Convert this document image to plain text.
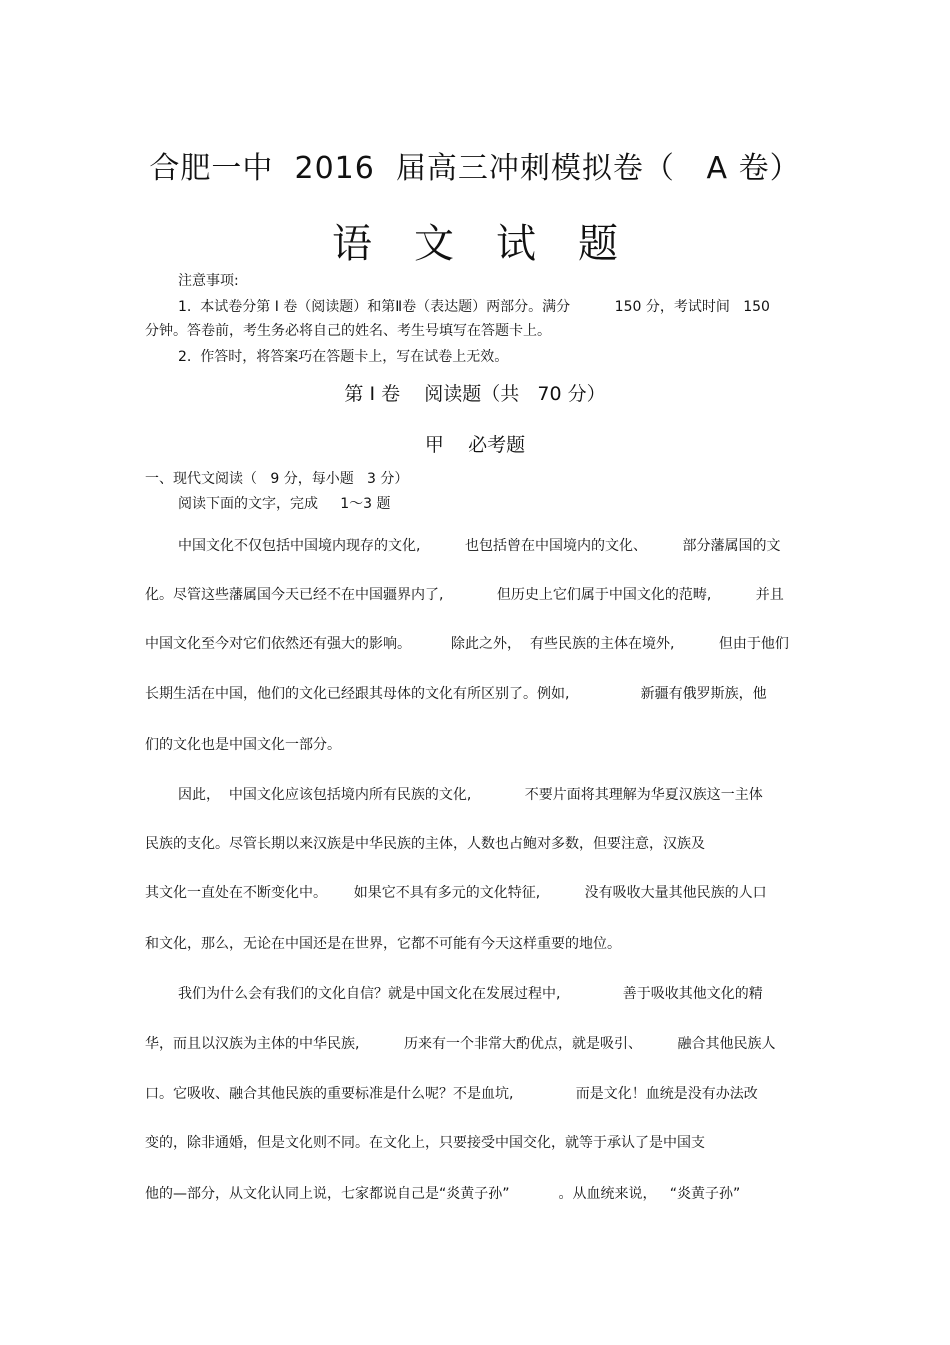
合肥一中  2016  届高三冲刺模拟卷（   A 卷）
语文试题
注意事项:
1.  本试卷分第 I 卷（阅读题）和第Ⅱ卷（表达题）两部分。满分          150 分，考试时间   150
分钟。答卷前，考生务必将自己的姓名、考生号填写在答题卡上。
2.  作答时，将答案巧在答题卡上，写在试卷上无效。
第 I 卷    阅读题（共   70 分）
甲    必考题
一、现代文阅读（   9 分，每小题   3 分）
阅读下面的文字，完成     1～3 题
中国文化不仅包括中国境内现存的文化,          也包括曾在中国境内的文化、        部分藩属国的文
化。尽管这些藩属国今天已经不在中国疆界内了,            但历史上它们属于中国文化的范畴,          并且
中国文化至今对它们依然还有强大的影响。         除此之外，  有些民族的主体在境外,          但由于他们
长期生活在中国，他们的文化已经跟其母体的文化有所区别了。例如,                新疆有俄罗斯族，他
们的文化也是中国文化一部分。
因此，  中国文化应该包括境内所有民族的文化,            不要片面将其理解为华夏汉族这一主体
民族的支化。尽管长期以来汉族是中华民族的主体，人数也占鲍对多数，但要注意，汉族及
其文化一直处在不断变化中。      如果它不具有多元的文化特征,          没有吸收大量其他民族的人口
和文化，那么，无论在中国还是在世界，它都不可能有今天这样重要的地位。
我们为什么会有我们的文化自信？就是中国文化在发展过程中,              善于吸收其他文化的精
华，而且以汉族为主体的中华民族,          历来有一个非常大酌优点，就是吸引、        融合其他民族人
口。它吸收、融合其他民族的重要标准是什么呢？不是血坑,              而是文化！血统是没有办法改
变的，除非通婚，但是文化则不同。在文化上，只要接受中国交化，就等于承认了是中国支
他的—部分，从文化认同上说，七家都说自己是“炎黄子孙”           。从血统来说，   “炎黄子孙”
